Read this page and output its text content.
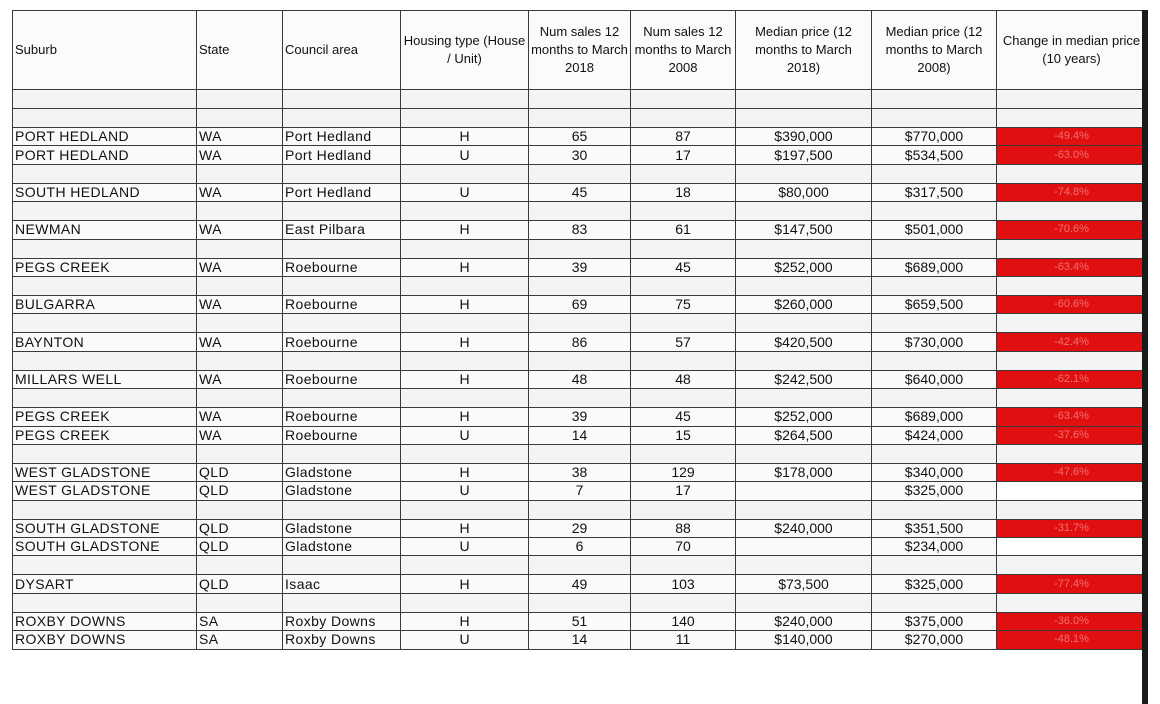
Suburb	State	Council area	Housing type (House / Unit)	Num sales 12 months to March 2018	Num sales 12 months to March 2008	Median price (12 months to March 2018)	Median price (12 months to March 2008)	Change in median price (10 years)

PORT HEDLAND	WA	Port Hedland	H	65	87	$390,000	$770,000	-49.4%
PORT HEDLAND	WA	Port Hedland	U	30	17	$197,500	$534,500	-63.0%

SOUTH HEDLAND	WA	Port Hedland	U	45	18	$80,000	$317,500	-74.8%

NEWMAN	WA	East Pilbara	H	83	61	$147,500	$501,000	-70.6%

PEGS CREEK	WA	Roebourne	H	39	45	$252,000	$689,000	-63.4%

BULGARRA	WA	Roebourne	H	69	75	$260,000	$659,500	-60.6%

BAYNTON	WA	Roebourne	H	86	57	$420,500	$730,000	-42.4%

MILLARS WELL	WA	Roebourne	H	48	48	$242,500	$640,000	-62.1%

PEGS CREEK	WA	Roebourne	H	39	45	$252,000	$689,000	-63.4%
PEGS CREEK	WA	Roebourne	U	14	15	$264,500	$424,000	-37.6%

WEST GLADSTONE	QLD	Gladstone	H	38	129	$178,000	$340,000	-47.6%
WEST GLADSTONE	QLD	Gladstone	U	7	17		$325,000	

SOUTH GLADSTONE	QLD	Gladstone	H	29	88	$240,000	$351,500	-31.7%
SOUTH GLADSTONE	QLD	Gladstone	U	6	70		$234,000	

DYSART	QLD	Isaac	H	49	103	$73,500	$325,000	-77.4%

ROXBY DOWNS	SA	Roxby Downs	H	51	140	$240,000	$375,000	-36.0%
ROXBY DOWNS	SA	Roxby Downs	U	14	11	$140,000	$270,000	-48.1%
